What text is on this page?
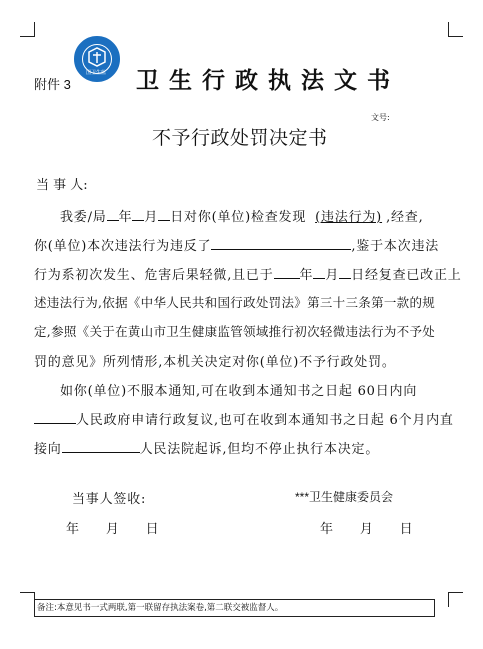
附件 3
国卫生监 卫 生 行 政 执 法 文 书
文号:
不予行政处罚决定书
当 事 人:
我委/局 年 月 日对你(单位)检查发现 (违法行为) ,经查,
你(单位)本次违法行为违反了	,鉴于本次违法
行为系初次发生、危害后果轻微,且已于 年 月 日经复查已改正上
述违法行为,依据《中华人民共和国行政处罚法》第三十三条第一款的规
定,参照《关于在黄山市卫生健康监管领域推行初次轻微违法行为不予处
罚的意见》所列情形,本机关决定对你(单位)不予行政处罚。
如你(单位)不服本通知,可在收到本通知书之日起 60日内向
人民政府申请行政复议,也可在收到本通知书之日起 6个月内直
接向	人民法院起诉,但均不停止执行本决定。
当事人签收:	***卫生健康委员会
年 月 日	年 月 日
备注:本意见书一式两联,第一联留存执法案卷,第二联交被监督人。
